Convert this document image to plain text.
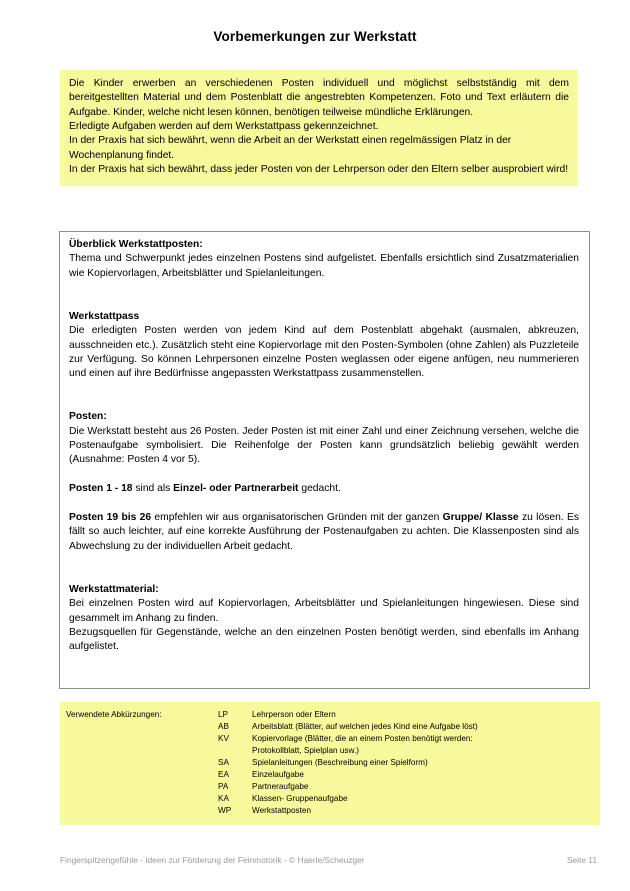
Vorbemerkungen zur Werkstatt

Die Kinder erwerben an verschiedenen Posten individuell und möglichst selbstständig mit dem bereitgestellten Material und dem Postenblatt die angestrebten Kompetenzen. Foto und Text erläutern die Aufgabe. Kinder, welche nicht lesen können, benötigen teilweise mündliche Erklärungen.

Erledigte Aufgaben werden auf dem Werkstattpass gekennzeichnet.

In der Praxis hat sich bewährt, wenn die Arbeit an der Werkstatt einen regelmässigen Platz in der Wochenplanung findet.

In der Praxis hat sich bewährt, dass jeder Posten von der Lehrperson oder den Eltern selber ausprobiert wird!

Überblick Werkstattposten:

Thema und Schwerpunkt jedes einzelnen Postens sind aufgelistet. Ebenfalls ersichtlich sind Zusatzmaterialien wie Kopiervorlagen, Arbeitsblätter und Spielanleitungen.

Werkstattpass

Die erledigten Posten werden von jedem Kind auf dem Postenblatt abgehakt (ausmalen, abkreuzen, ausschneiden etc.). Zusätzlich steht eine Kopiervorlage mit den Posten-Symbolen (ohne Zahlen) als Puzzleteile zur Verfügung. So können Lehrpersonen einzelne Posten weglassen oder eigene anfügen, neu nummerieren und einen auf ihre Bedürfnisse angepassten Werkstattpass zusammenstellen.

Posten:

Die Werkstatt besteht aus 26 Posten. Jeder Posten ist mit einer Zahl und einer Zeichnung versehen, welche die Postenaufgabe symbolisiert. Die Reihenfolge der Posten kann grundsätzlich beliebig gewählt werden (Ausnahme: Posten 4 vor 5).

Posten 1 - 18 sind als Einzel- oder Partnerarbeit gedacht.

Posten 19 bis 26 empfehlen wir aus organisatorischen Gründen mit der ganzen Gruppe/ Klasse zu lösen. Es fällt so auch leichter, auf eine korrekte Ausführung der Postenaufgaben zu achten. Die Klassenposten sind als Abwechslung zu der individuellen Arbeit gedacht.

Werkstattmaterial:

Bei einzelnen Posten wird auf Kopiervorlagen, Arbeitsblätter und Spielanleitungen hingewiesen. Diese sind gesammelt im Anhang zu finden.

Bezugsquellen für Gegenstände, welche an den einzelnen Posten benötigt werden, sind ebenfalls im Anhang aufgelistet.

Verwendete Abkürzungen:	LP	Lehrperson oder Eltern
	AB	Arbeitsblatt (Blätter, auf welchen jedes Kind eine Aufgabe löst)
	KV	Kopiervorlage (Blätter, die an einem Posten benötigt werden:
		Protokollblatt, Spielplan usw.)
	SA	Spielanleitungen (Beschreibung einer Spielform)
	EA	Einzelaufgabe
	PA	Partneraufgabe
	KA	Klassen- Gruppenaufgabe
	WP	Werkstattposten
Fingerspitzengefühle - Ideen zur Förderung der Feinmotorik - © Haerle/Scheuzger	Seite 11
